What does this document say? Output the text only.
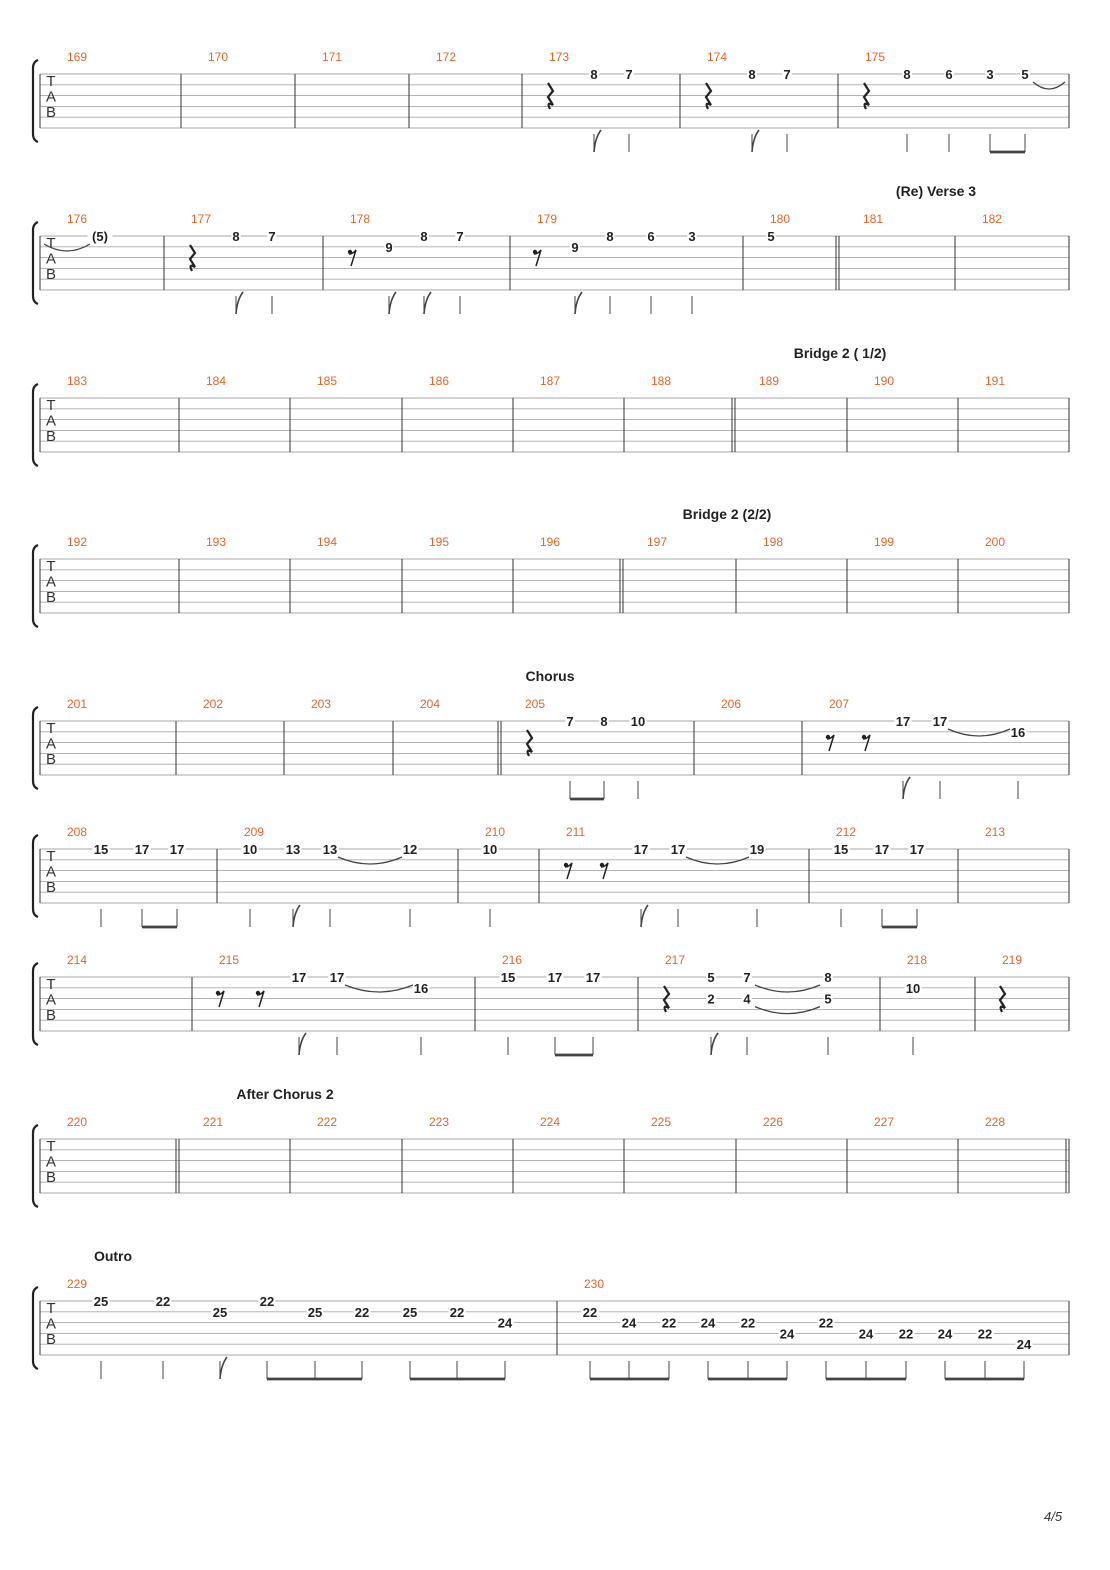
T
A
B
169	170	171	172	173	174	175
8 7	8 7	8	6	3 5
T
A
B
176	177	178	179	180	181	182
(Re) Verse 3
(5)	8 7
9
8 7
9
8	6	3	5
T
A
B
183	184	185	186	187	188	189	190	191
Bridge 2 ( 1/2)
T
A
B
192	193	194	195	196	197	198	199	200
Bridge 2 (2/2)
T
A
B
201	202	203	204	205	206	207
Chorus
7 8 10	17 17
16
T
A
B
208	209	210	211	212	213
15 17 17	10 13 13	12	10	17 17	19	15 17 17
T
A
B
214	215	216	217	218	219
17 17
16
15	17 17	5
2
7
4
8
5
10
T
A
B
220	221	222	223	224	225	226	227	228
After Chorus 2
T
A
B
229	230
Outro
25	22
25
22
25	22	25	22
24
22
24 22 24 22
24
22
24 22 24 22
24
4/5
